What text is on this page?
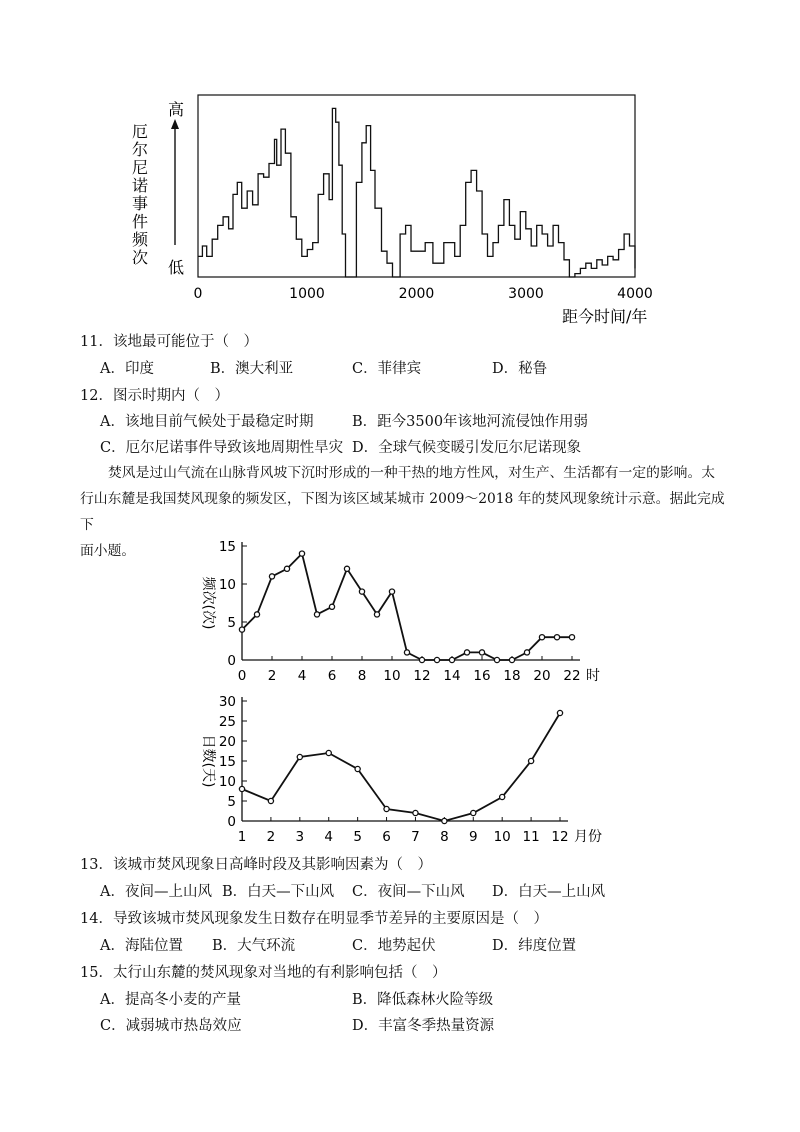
高
低
厄
尔
尼
诺
事
件
频
次
0	1000	2000	3000	4000
距今时间/年
11．该地最可能位于（　）
A．印度	B．澳大利亚	C．菲律宾	D．秘鲁
12．图示时期内（　）
A．该地目前气候处于最稳定时期	B．距今3500年该地河流侵蚀作用弱
C．厄尔尼诺事件导致该地周期性旱灾 D．全球气候变暖引发厄尔尼诺现象
焚风是过山气流在山脉背风坡下沉时形成的一种干热的地方性风，对生产、生活都有一定的影响。太
行山东麓是我国焚风现象的频发区，下图为该区域某城市 2009～2018 年的焚风现象统计示意。据此完成下
面小题。
0
5
10
15
0 2 4 6 8 10 12 14 16 18 20 22 时
频次(次)
0
5
10
15
20
25
30
1 2 3 4 5 6 7 8 9 10 11 12 月份
日数(天)
13．该城市焚风现象日高峰时段及其影响因素为（　）
A．夜间—上山风 B．白天—下山风 C．夜间—下山风 D．白天—上山风
14．导致该城市焚风现象发生日数存在明显季节差异的主要原因是（　）
A．海陆位置 B．大气环流	C．地势起伏	D．纬度位置
15．太行山东麓的焚风现象对当地的有利影响包括（　）
A．提高冬小麦的产量	B．降低森林火险等级
C．减弱城市热岛效应	D．丰富冬季热量资源
